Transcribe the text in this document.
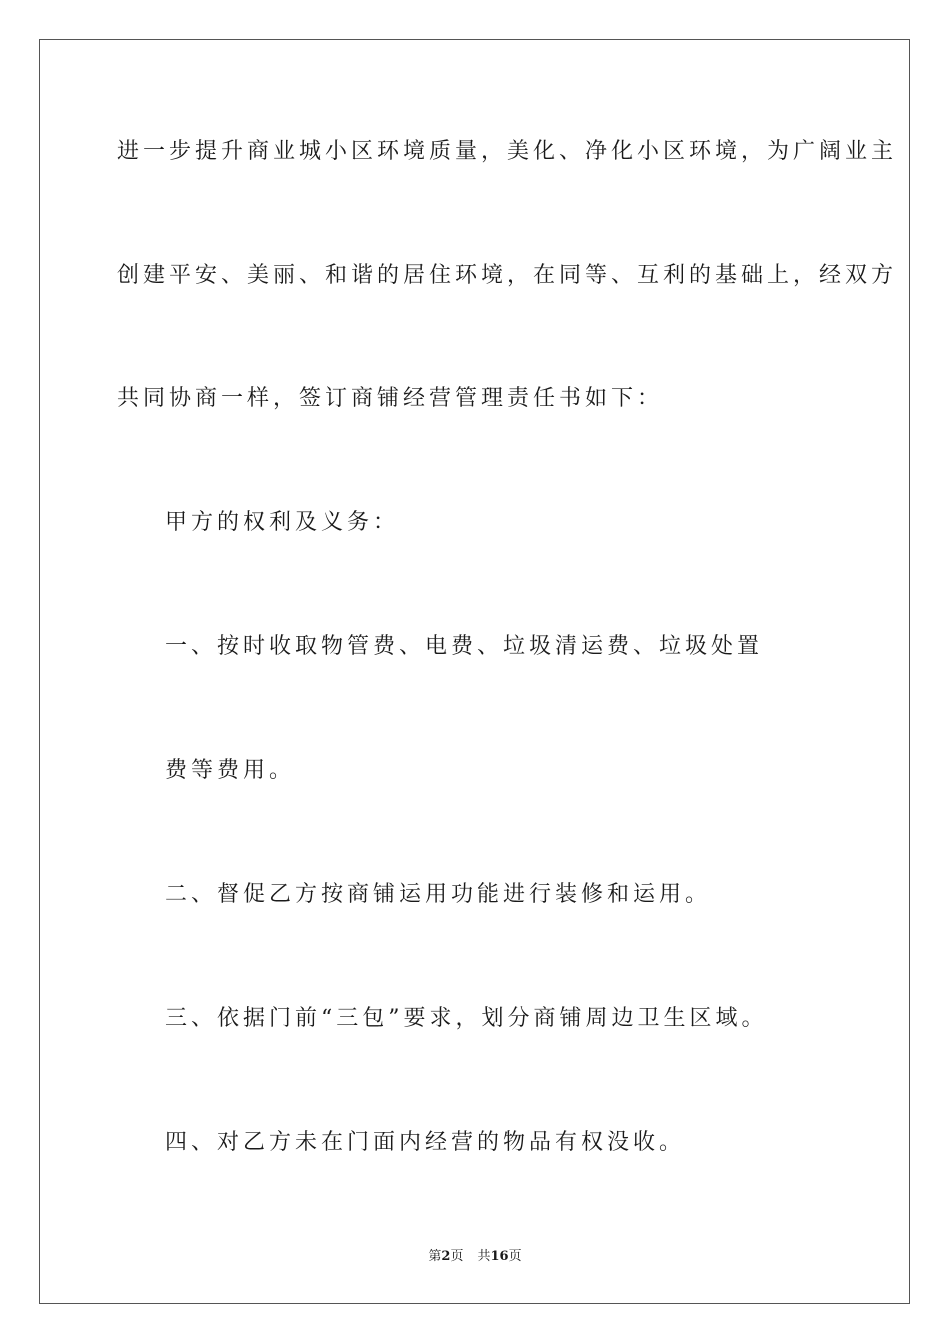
进一步提升商业城小区环境质量，美化、净化小区环境，为广阔业主
创建平安、美丽、和谐的居住环境，在同等、互利的基础上，经双方
共同协商一样，签订商铺经营管理责任书如下：
甲方的权利及义务：
一、按时收取物管费、电费、垃圾清运费、垃圾处置
费等费用。
二、督促乙方按商铺运用功能进行装修和运用。
三、依据门前“三包”要求，划分商铺周边卫生区域。
四、对乙方未在门面内经营的物品有权没收。
第2页 共16页
